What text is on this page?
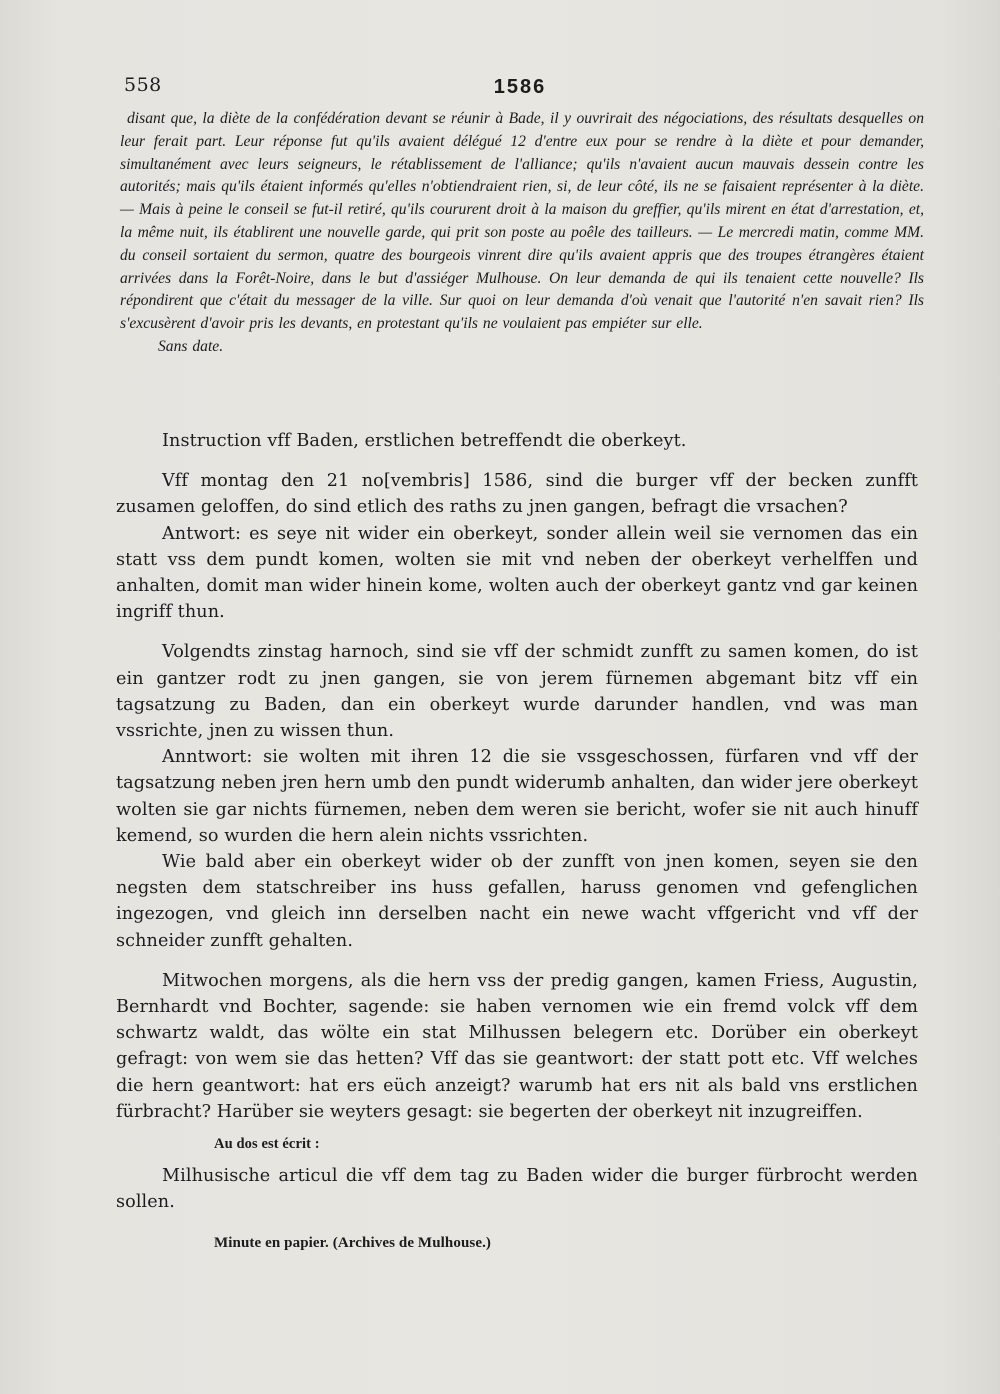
558	1586

disant que, la diète de la confédération devant se réunir à Bade, il y ouvrirait des négociations, des résultats desquelles on leur ferait part. Leur réponse fut qu'ils avaient délégué 12 d'entre eux pour se rendre à la diète et pour demander, simultanément avec leurs seigneurs, le rétablissement de l'alliance; qu'ils n'avaient aucun mauvais dessein contre les autorités; mais qu'ils étaient informés qu'elles n'obtiendraient rien, si, de leur côté, ils ne se faisaient représenter à la diète. — Mais à peine le conseil se fut-il retiré, qu'ils coururent droit à la maison du greffier, qu'ils mirent en état d'arrestation, et, la même nuit, ils établirent une nouvelle garde, qui prit son poste au poêle des tailleurs. — Le mercredi matin, comme MM. du conseil sortaient du sermon, quatre des bourgeois vinrent dire qu'ils avaient appris que des troupes étrangères étaient arrivées dans la Forêt-Noire, dans le but d'assiéger Mulhouse. On leur demanda de qui ils tenaient cette nouvelle? Ils répondirent que c'était du messager de la ville. Sur quoi on leur demanda d'où venait que l'autorité n'en savait rien? Ils s'excusèrent d'avoir pris les devants, en protestant qu'ils ne voulaient pas empiéter sur elle.

Sans date.

Instruction vff Baden, erstlichen betreffendt die oberkeyt.

Vff montag den 21 no[vembris] 1586, sind die burger vff der becken zunfft zusamen geloffen, do sind etlich des raths zu jnen gangen, befragt die vrsachen?

Antwort: es seye nit wider ein oberkeyt, sonder allein weil sie vernomen das ein statt vss dem pundt komen, wolten sie mit vnd neben der oberkeyt verhelffen und anhalten, domit man wider hinein kome, wolten auch der oberkeyt gantz vnd gar keinen ingriff thun.

Volgendts zinstag harnoch, sind sie vff der schmidt zunfft zu samen komen, do ist ein gantzer rodt zu jnen gangen, sie von jerem fürnemen abgemant bitz vff ein tagsatzung zu Baden, dan ein oberkeyt wurde darunder handlen, vnd was man vssrichte, jnen zu wissen thun.

Anntwort: sie wolten mit ihren 12 die sie vssgeschossen, fürfaren vnd vff der tagsatzung neben jren hern umb den pundt widerumb anhalten, dan wider jere oberkeyt wolten sie gar nichts fürnemen, neben dem weren sie bericht, wofer sie nit auch hinuff kemend, so wurden die hern alein nichts vssrichten.

Wie bald aber ein oberkeyt wider ob der zunfft von jnen komen, seyen sie den negsten dem statschreiber ins huss gefallen, haruss genomen vnd gefenglichen ingezogen, vnd gleich inn derselben nacht ein newe wacht vffgericht vnd vff der schneider zunfft gehalten.

Mitwochen morgens, als die hern vss der predig gangen, kamen Friess, Augustin, Bernhardt vnd Bochter, sagende: sie haben vernomen wie ein fremd volck vff dem schwartz waldt, das wölte ein stat Milhussen belegern etc. Dorüber ein oberkeyt gefragt: von wem sie das hetten? Vff das sie geantwort: der statt pott etc. Vff welches die hern geantwort: hat ers eüch anzeigt? warumb hat ers nit als bald vns erstlichen fürbracht? Harüber sie weyters gesagt: sie begerten der oberkeyt nit inzugreiffen.

Au dos est écrit :

Milhusische articul die vff dem tag zu Baden wider die burger fürbrocht werden sollen.

Minute en papier. (Archives de Mulhouse.)
